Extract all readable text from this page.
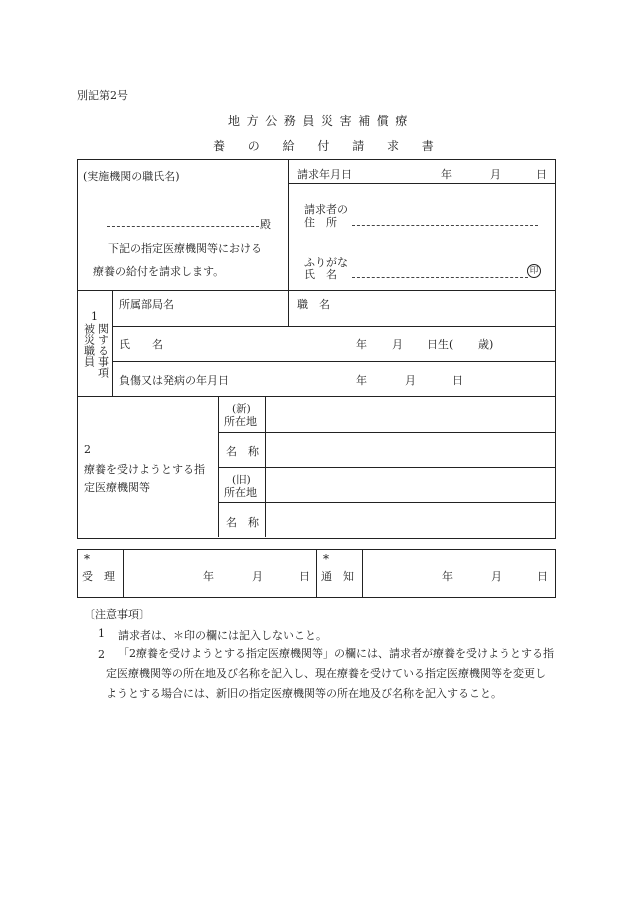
別記第2号
地方公務員災害補償療
養の給付請求書
(実施機関の職氏名)
殿
下記の指定医療機関等における
療養の給付を請求します。
請求年月日	年	月	日
請求者の
住　所
ふりがな
氏　名	印
1
被災職員 関する事項
所属部局名	職　名
氏　　名	年 月 日生( 歳)
負傷又は発病の年月日	年	月	日
2
療養を受けようとする指
定医療機関等
(新)
所在地
名　称
(旧)
所在地
名　称
*
受　理	年	月	日
*
通　知	年	月	日
〔注意事項〕
1 請求者は、＊印の欄には記入しないこと。
2	「2療養を受けようとする指定医療機関等」の欄には、請求者が療養を受けようとする指定医療機関等の所在地及び名称を記入し、現在療養を受けている指定医療機関等を変更しようとする場合には、新旧の指定医療機関等の所在地及び名称を記入すること。
